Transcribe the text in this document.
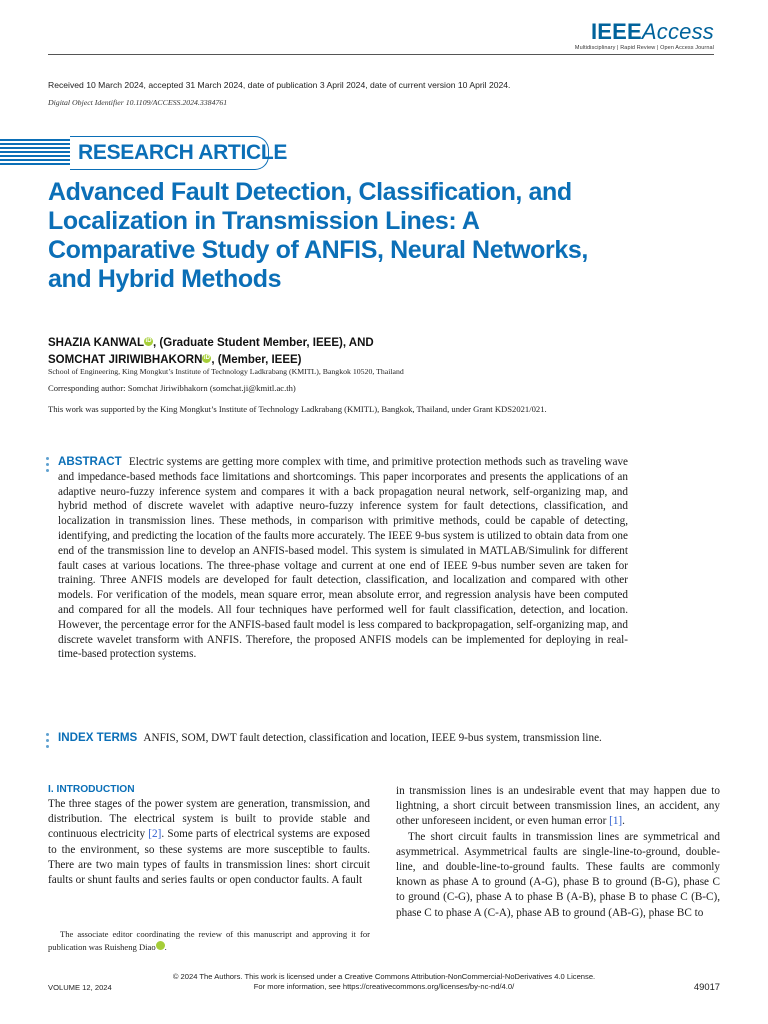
IEEEAccess
Multidisciplinary | Rapid Review | Open Access Journal
Received 10 March 2024, accepted 31 March 2024, date of publication 3 April 2024, date of current version 10 April 2024.
Digital Object Identifier 10.1109/ACCESS.2024.3384761
RESEARCH ARTICLE
Advanced Fault Detection, Classification, and Localization in Transmission Lines: A Comparative Study of ANFIS, Neural Networks, and Hybrid Methods
SHAZIA KANWAL iD , (Graduate Student Member, IEEE), AND
SOMCHAT JIRIWIBHAKORN iD , (Member, IEEE)
School of Engineering, King Mongkut’s Institute of Technology Ladkrabang (KMITL), Bangkok 10520, Thailand
Corresponding author: Somchat Jiriwibhakorn (somchat.ji@kmitl.ac.th)
This work was supported by the King Mongkut’s Institute of Technology Ladkrabang (KMITL), Bangkok, Thailand, under Grant KDS2021/021.
ABSTRACT Electric systems are getting more complex with time, and primitive protection methods such as traveling wave and impedance-based methods face limitations and shortcomings. This paper incorporates and presents the applications of an adaptive neuro-fuzzy inference system and compares it with a back propagation neural network, self-organizing map, and hybrid method of discrete wavelet with adaptive neuro-fuzzy inference system for fault detections, classification, and localization in transmission lines. These methods, in comparison with primitive methods, could be capable of detecting, identifying, and predicting the location of the faults more accurately. The IEEE 9-bus system is utilized to obtain data from one end of the transmission line to develop an ANFIS-based model. This system is simulated in MATLAB/Simulink for different fault cases at various locations. The three-phase voltage and current at one end of IEEE 9-bus number seven are taken for training. Three ANFIS models are developed for fault detection, classification, and localization and compared with other models. For verification of the models, mean square error, mean absolute error, and regression analysis have been computed and compared for all the models. All four techniques have performed well for fault classification, detection, and location. However, the percentage error for the ANFIS-based fault model is less compared to backpropagation, self-organizing map, and discrete wavelet transform with ANFIS. Therefore, the proposed ANFIS models can be implemented for deploying in real-time-based protection systems.
INDEX TERMS ANFIS, SOM, DWT fault detection, classification and location, IEEE 9-bus system, transmission line.
I. INTRODUCTION

The three stages of the power system are generation, transmission, and distribution. The electrical system is built to provide stable and continuous electricity [2]. Some parts of electrical systems are exposed to the environment, so these systems are more susceptible to faults. There are two main types of faults in transmission lines: short circuit faults or shunt faults and series faults or open conductor faults. A fault

The associate editor coordinating the review of this manuscript and approving it for publication was Ruisheng Diao iD.

in transmission lines is an undesirable event that may happen due to lightning, a short circuit between transmission lines, an accident, any other unforeseen incident, or even human error [1].

The short circuit faults in transmission lines are symmetrical and asymmetrical. Asymmetrical faults are single-line-to-ground, double-line, and double-line-to-ground faults. These faults are commonly known as phase A to ground (A-G), phase B to ground (B-G), phase C to ground (C-G), phase A to phase B (A-B), phase B to phase C (B-C), phase C to phase A (C-A), phase AB to ground (AB-G), phase BC to

© 2024 The Authors. This work is licensed under a Creative Commons Attribution-NonCommercial-NoDerivatives 4.0 License.
For more information, see https://creativecommons.org/licenses/by-nc-nd/4.0/
VOLUME 12, 2024	49017
